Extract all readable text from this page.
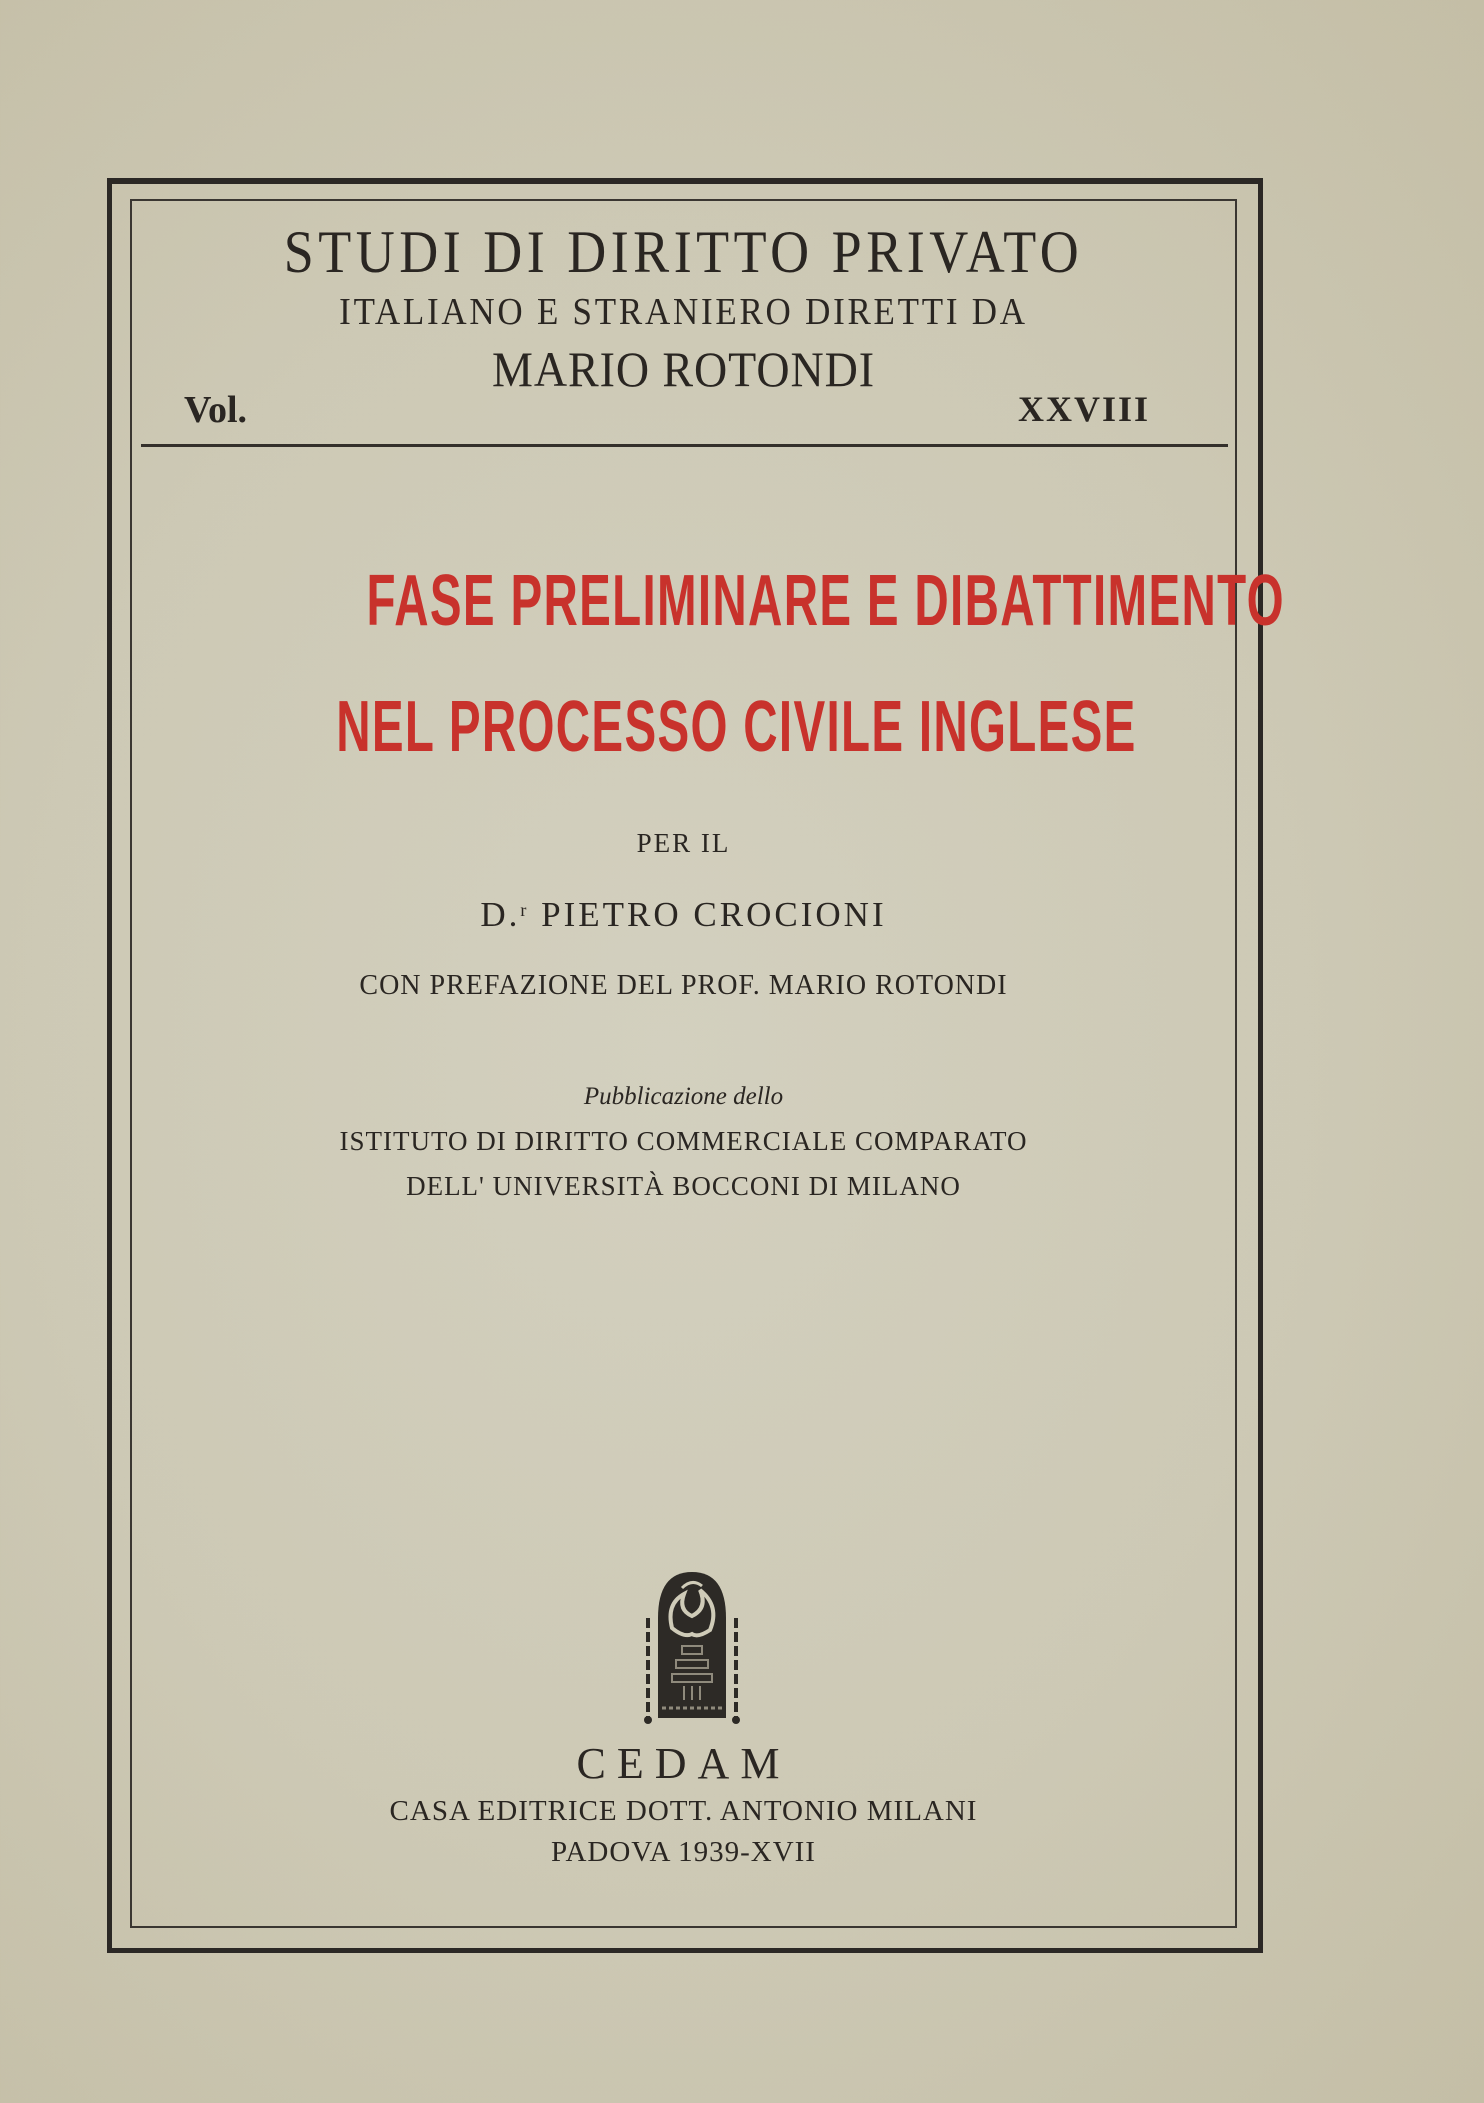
STUDI DI DIRITTO PRIVATO
ITALIANO E STRANIERO DIRETTI DA
MARIO ROTONDI
Vol.	XXVIII
FASE PRELIMINARE E DIBATTIMENTO
NEL PROCESSO CIVILE INGLESE
PER IL
D.$^r$ PIETRO CROCIONI
CON PREFAZIONE DEL PROF. MARIO ROTONDI
Pubblicazione dello
ISTITUTO DI DIRITTO COMMERCIALE COMPARATO
DELL' UNIVERSITÀ BOCCONI DI MILANO
CEDAM
CASA EDITRICE DOTT. ANTONIO MILANI
PADOVA 1939-XVII
